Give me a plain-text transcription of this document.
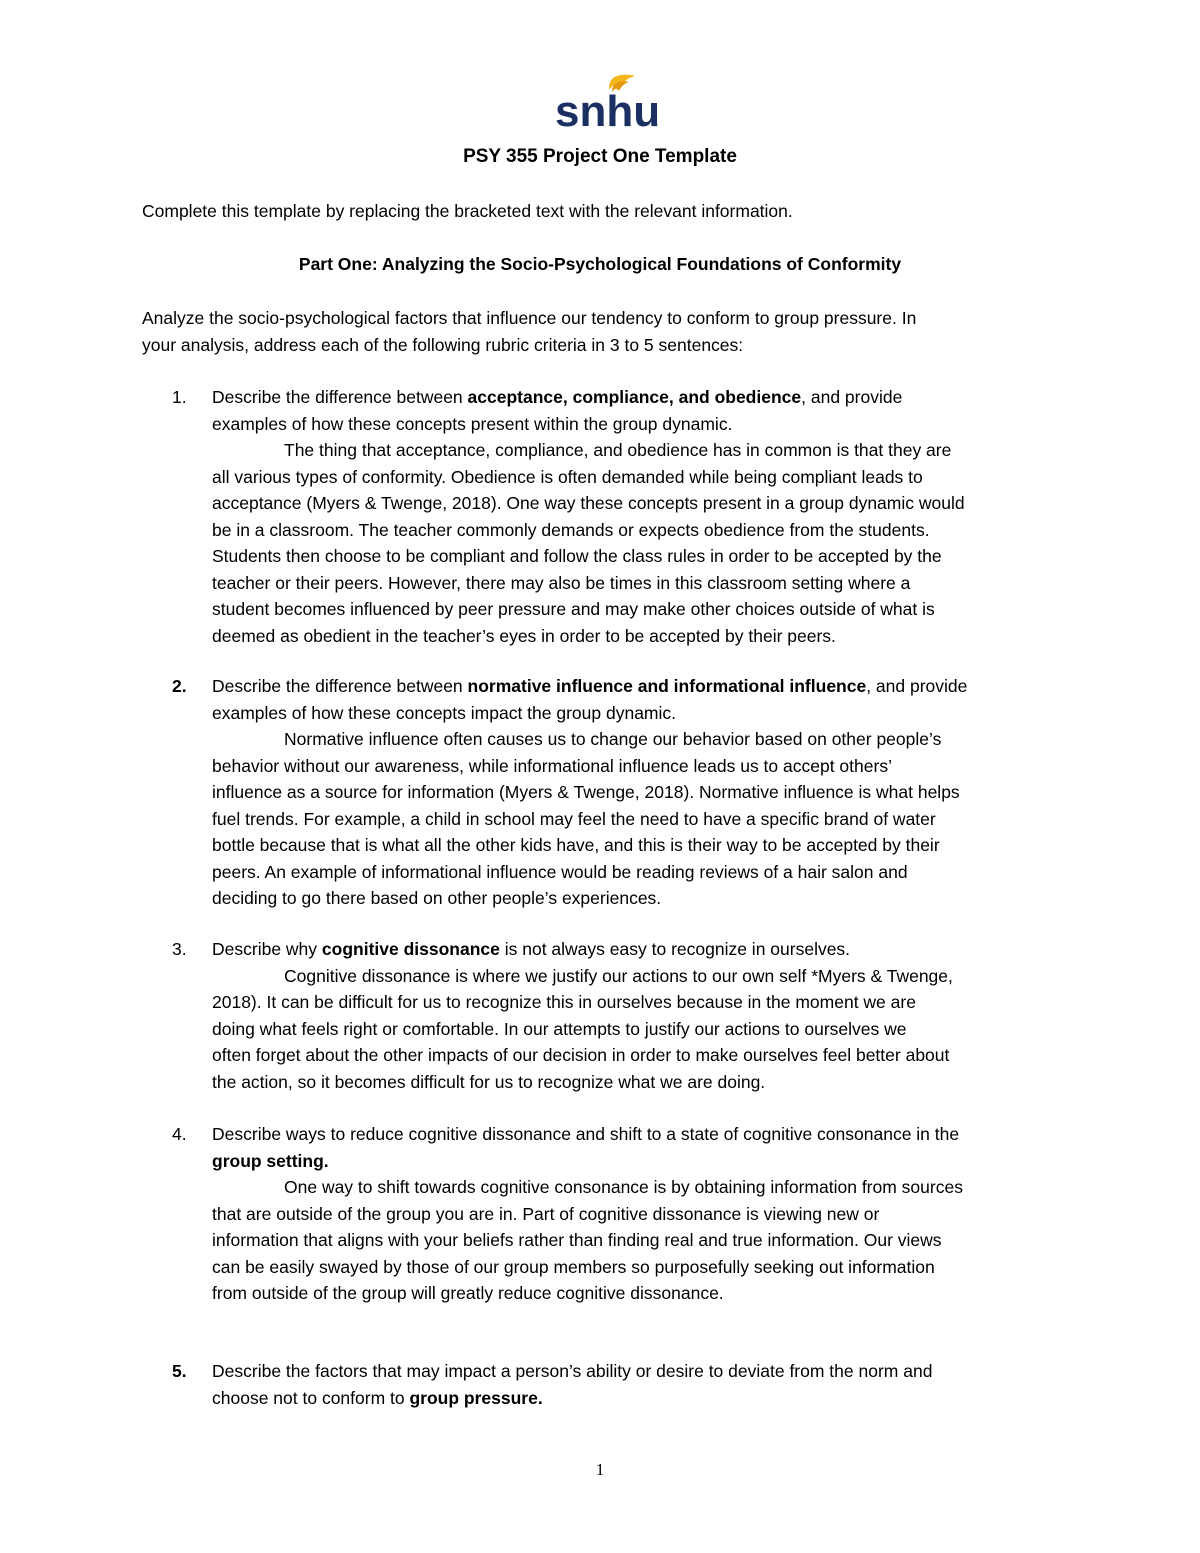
snhu
PSY 355 Project One Template
Complete this template by replacing the bracketed text with the relevant information.
Part One: Analyzing the Socio-Psychological Foundations of Conformity
Analyze the socio-psychological factors that influence our tendency to conform to group pressure. In
your analysis, address each of the following rubric criteria in 3 to 5 sentences:
1.	Describe the difference between acceptance, compliance, and obedience, and provide
examples of how these concepts present within the group dynamic.
The thing that acceptance, compliance, and obedience has in common is that they are
all various types of conformity. Obedience is often demanded while being compliant leads to
acceptance (Myers & Twenge, 2018). One way these concepts present in a group dynamic would
be in a classroom. The teacher commonly demands or expects obedience from the students.
Students then choose to be compliant and follow the class rules in order to be accepted by the
teacher or their peers. However, there may also be times in this classroom setting where a
student becomes influenced by peer pressure and may make other choices outside of what is
deemed as obedient in the teacher’s eyes in order to be accepted by their peers.
2.	Describe the difference between normative influence and informational influence, and provide
examples of how these concepts impact the group dynamic.
Normative influence often causes us to change our behavior based on other people’s
behavior without our awareness, while informational influence leads us to accept others’
influence as a source for information (Myers & Twenge, 2018). Normative influence is what helps
fuel trends. For example, a child in school may feel the need to have a specific brand of water
bottle because that is what all the other kids have, and this is their way to be accepted by their
peers. An example of informational influence would be reading reviews of a hair salon and
deciding to go there based on other people’s experiences.
3.	Describe why cognitive dissonance is not always easy to recognize in ourselves.
Cognitive dissonance is where we justify our actions to our own self *Myers & Twenge,
2018). It can be difficult for us to recognize this in ourselves because in the moment we are
doing what feels right or comfortable. In our attempts to justify our actions to ourselves we
often forget about the other impacts of our decision in order to make ourselves feel better about
the action, so it becomes difficult for us to recognize what we are doing.
4.	Describe ways to reduce cognitive dissonance and shift to a state of cognitive consonance in the
group setting.
One way to shift towards cognitive consonance is by obtaining information from sources
that are outside of the group you are in. Part of cognitive dissonance is viewing new or
information that aligns with your beliefs rather than finding real and true information. Our views
can be easily swayed by those of our group members so purposefully seeking out information
from outside of the group will greatly reduce cognitive dissonance.
5.	Describe the factors that may impact a person’s ability or desire to deviate from the norm and
choose not to conform to group pressure.
1
